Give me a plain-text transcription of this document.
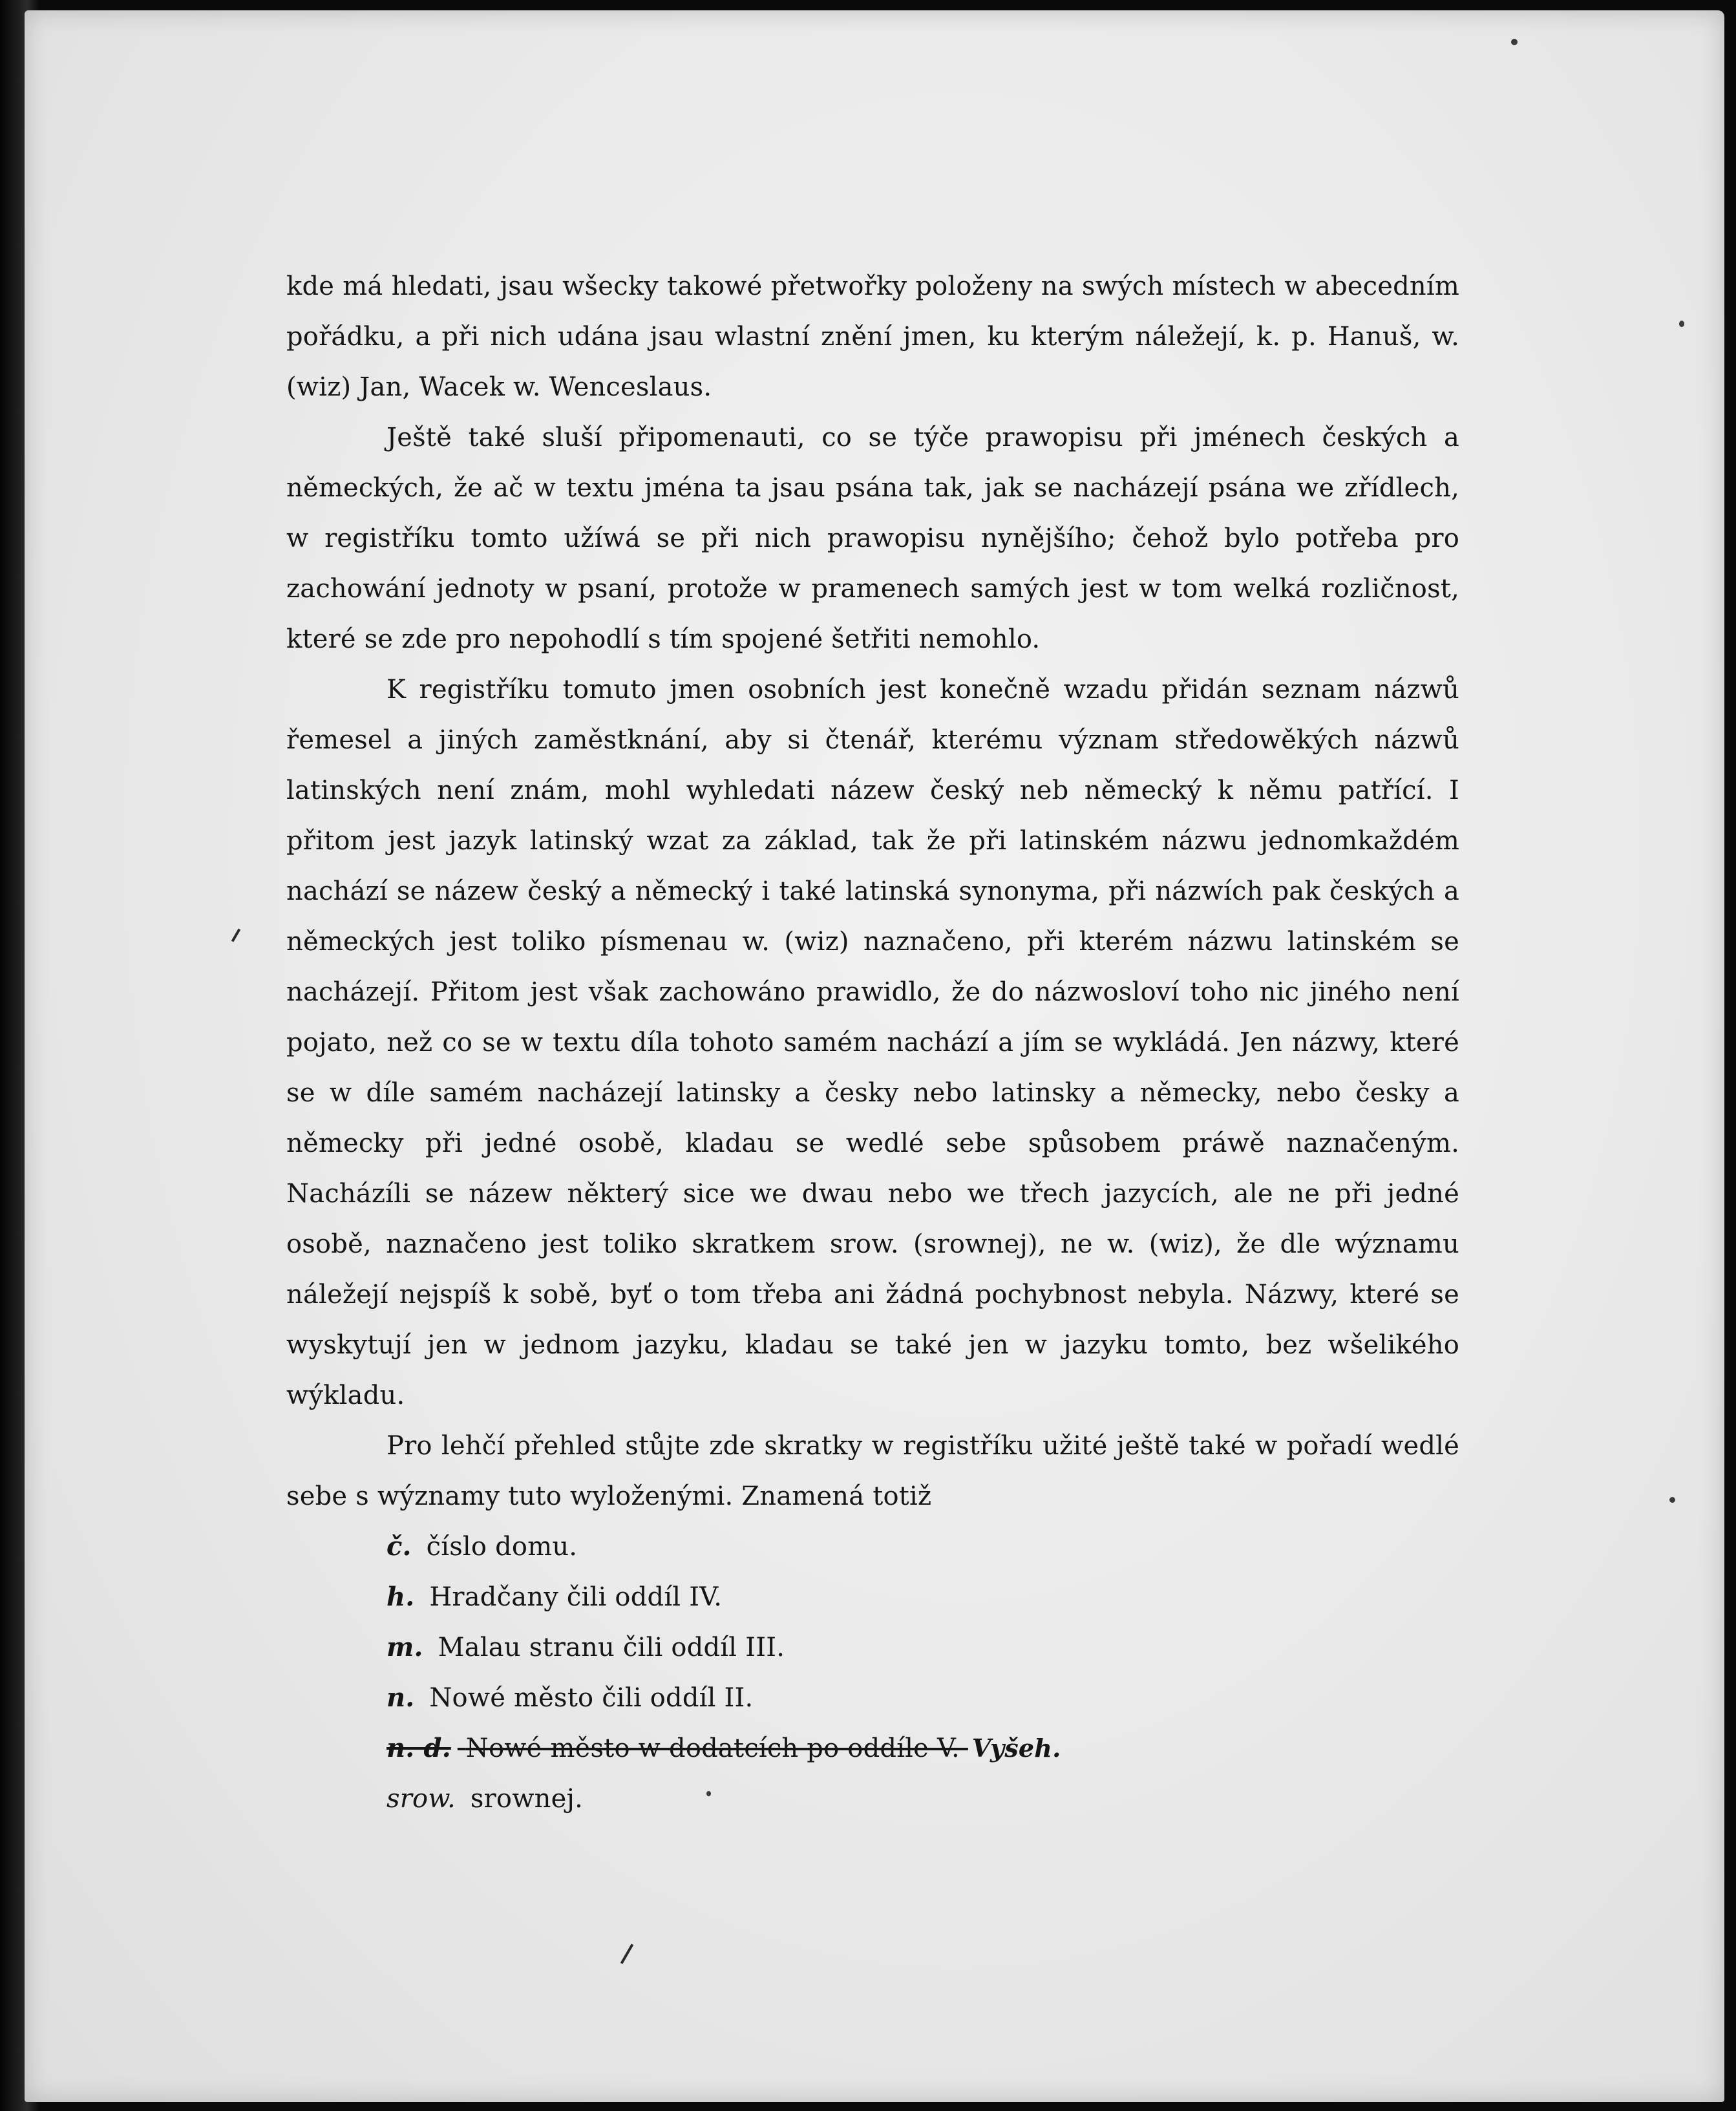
kde má hledati, jsau wšecky takowé přetwořky položeny na swých místech w abecedním pořádku, a při nich udána jsau wlastní znění jmen, ku kterým náležejí, k. p. Hanuš, w. (wiz) Jan, Wacek w. Wenceslaus.

Ještě také sluší připomenauti, co se týče prawopisu při jménech českých a německých, že ač w textu jména ta jsau psána tak, jak se nacházejí psána we zřídlech, w registříku tomto užíwá se při nich prawopisu nynějšího; čehož bylo potřeba pro zachowání jednoty w psaní, protože w pramenech samých jest w tom welká rozličnost, které se zde pro nepohodlí s tím spojené šetřiti nemohlo.

K registříku tomuto jmen osobních jest konečně wzadu přidán seznam názwů řemesel a jiných zaměstknání, aby si čtenář, kterému význam středowěkých názwů latinských není znám, mohl wyhledati názew český neb německý k němu patřící. I přitom jest jazyk latinský wzat za základ, tak že při latinském názwu jednomkaždém nachází se názew český a německý i také latinská synonyma, při názwích pak českých a německých jest toliko písmenau w. (wiz) naznačeno, při kterém názwu latinském se nacházejí. Přitom jest však zachowáno prawidlo, že do názwosloví toho nic jiného není pojato, než co se w textu díla tohoto samém nachází a jím se wykládá. Jen názwy, které se w díle samém nacházejí latinsky a česky nebo latinsky a německy, nebo česky a německy při jedné osobě, kladau se wedlé sebe spůsobem práwě naznačeným. Nacházíli se názew některý sice we dwau nebo we třech jazycích, ale ne při jedné osobě, naznačeno jest toliko skratkem srow. (srownej), ne w. (wiz), že dle wýznamu náležejí nejspíš k sobě, byť o tom třeba ani žádná pochybnost nebyla. Názwy, které se wyskytují jen w jednom jazyku, kladau se také jen w jazyku tomto, bez wšelikého wýkladu.

Pro lehčí přehled stůjte zde skratky w registříku užité ještě také w pořadí wedlé sebe s wýznamy tuto wyloženými. Znamená totiž

č. číslo domu.
h. Hradčany čili oddíl IV.
m. Malau stranu čili oddíl III.
n. Nowé město čili oddíl II.
n. d. Nowé město w dodatcích po oddíle V. Vyšeh.
srow. srownej.
